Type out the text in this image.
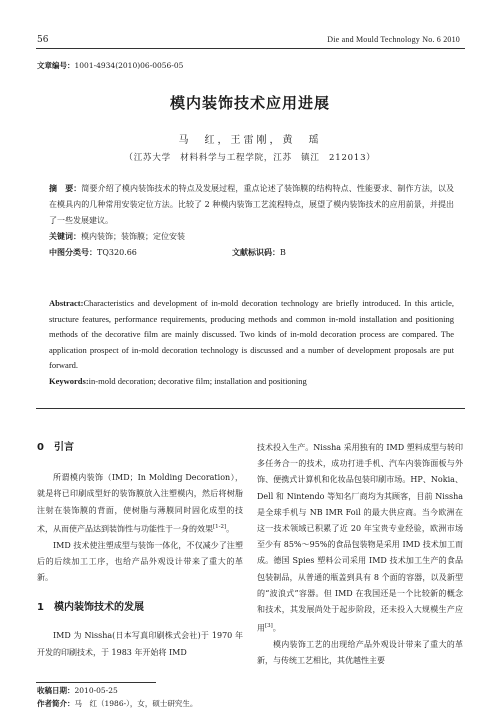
56	Die and Mould Technology No. 6 2010
文章编号：1001-4934(2010)06-0056-05
模内装饰技术应用进展
马　红，王雷刚，黄　瑶
（江苏大学　材料科学与工程学院，江苏　镇江　212013）
摘　要：简要介绍了模内装饰技术的特点及发展过程，重点论述了装饰膜的结构特点、性能要求、制作方法，以及在模具内的几种常用安装定位方法。比较了 2 种模内装饰工艺流程特点，展望了模内装饰技术的应用前景，并提出了一些发展建议。
关键词：模内装饰；装饰膜；定位安装
中图分类号：TQ320.66	文献标识码：B
Abstract:Characteristics and development of in-mold decoration technology are briefly introduced. In this article, structure features, performance requirements, producing methods and common in-mold installation and positioning methods of the decorative film are mainly discussed. Two kinds of in-mold decoration process are compared. The application prospect of in-mold decoration technology is discussed and a number of development proposals are put forward.
Keywords:in-mold decoration; decorative film; installation and positioning
0　引言

所谓模内装饰（IMD；In Molding Decoration），就是将已印刷成型好的装饰膜放入注塑模内，然后将树脂注射在装饰膜的背面，使树脂与薄膜同时固化成型的技术，从而使产品达到装饰性与功能性于一身的效果[1-2]。

IMD 技术使注塑成型与装饰一体化，不仅减少了注塑后的后续加工工序，也给产品外观设计带来了重大的革新。

1　模内装饰技术的发展

IMD 为 Nissha(日本写真印刷株式会社)于 1970 年开发的印刷技术，于 1983 年开始将 IMD

技术投入生产。Nissha 采用独有的 IMD 塑料成型与转印多任务合一的技术，成功打进手机、汽车内装饰面板与外饰、便携式计算机和化妆品包装印刷市场。HP、Nokia、Dell 和 Nintendo 等知名厂商均为其顾客，目前 Nissha 是全球手机与 NB IMR Foil 的最大供应商。当今欧洲在这一技术领域已积累了近 20 年宝贵专业经验，欧洲市场至少有 85%～95%的食品包装物是采用 IMD 技术加工而成。德国 Spies 塑料公司采用 IMD 技术加工生产的食品包装制品，从普通的瓶盖到具有 8 个面的容器，以及新型的“波浪式”容器。但 IMD 在我国还是一个比较新的概念和技术，其发展尚处于起步阶段，还未投入大规模生产应用[3]。

模内装饰工艺的出现给产品外观设计带来了重大的革新，与传统工艺相比，其优越性主要

收稿日期：2010-05-25
作者简介：马　红（1986-），女，硕士研究生。
